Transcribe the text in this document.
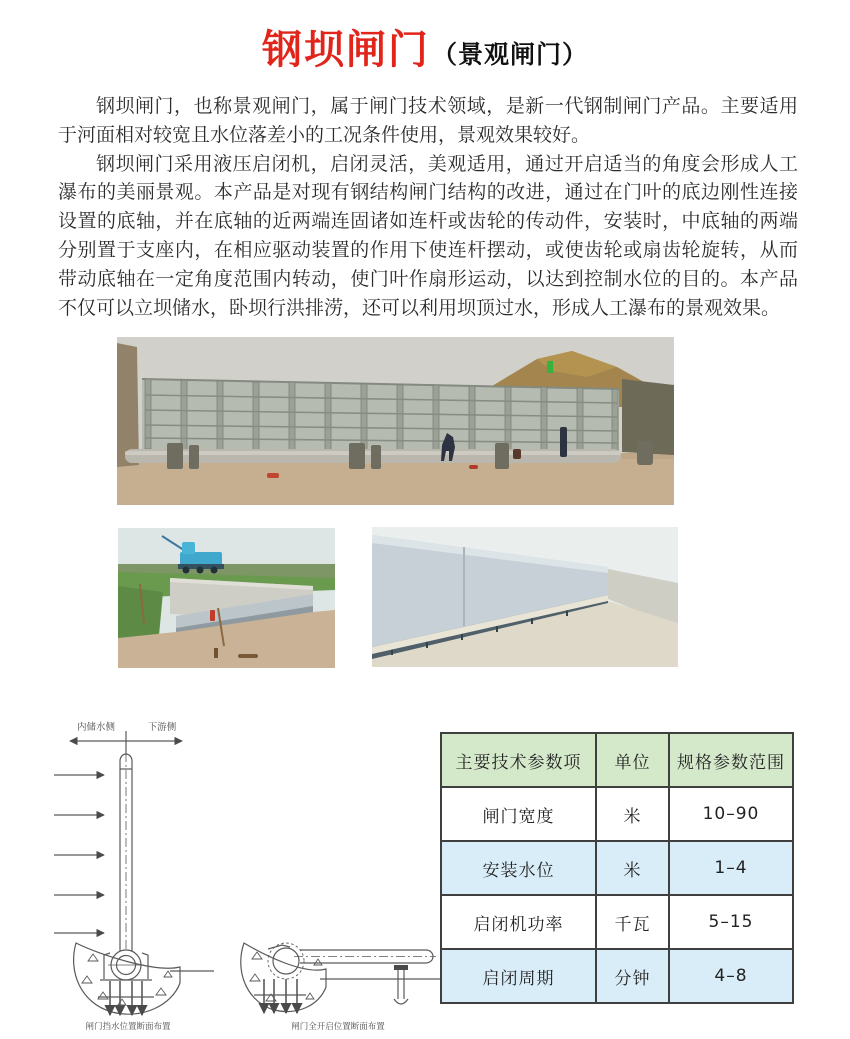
钢坝闸门 （景观闸门）

钢坝闸门，也称景观闸门，属于闸门技术领域，是新一代钢制闸门产品。主要适用于河面相对较宽且水位落差小的工况条件使用，景观效果较好。

钢坝闸门采用液压启闭机，启闭灵活，美观适用，通过开启适当的角度会形成人工瀑布的美丽景观。本产品是对现有钢结构闸门结构的改进，通过在门叶的底边刚性连接设置的底轴，并在底轴的近两端连固诸如连杆或齿轮的传动件，安装时，中底轴的两端分别置于支座内，在相应驱动装置的作用下使连杆摆动，或使齿轮或扇齿轮旋转，从而带动底轴在一定角度范围内转动，使门叶作扇形运动，以达到控制水位的目的。本产品不仅可以立坝储水，卧坝行洪排涝，还可以利用坝顶过水，形成人工瀑布的景观效果。

内储水侧	下游侧
闸门挡水位置断面布置	闸门全开启位置断面布置
主要技术参数项	单位	规格参数范围
闸门宽度	米	10–90
安装水位	米	1–4
启闭机功率	千瓦	5–15
启闭周期	分钟	4–8
